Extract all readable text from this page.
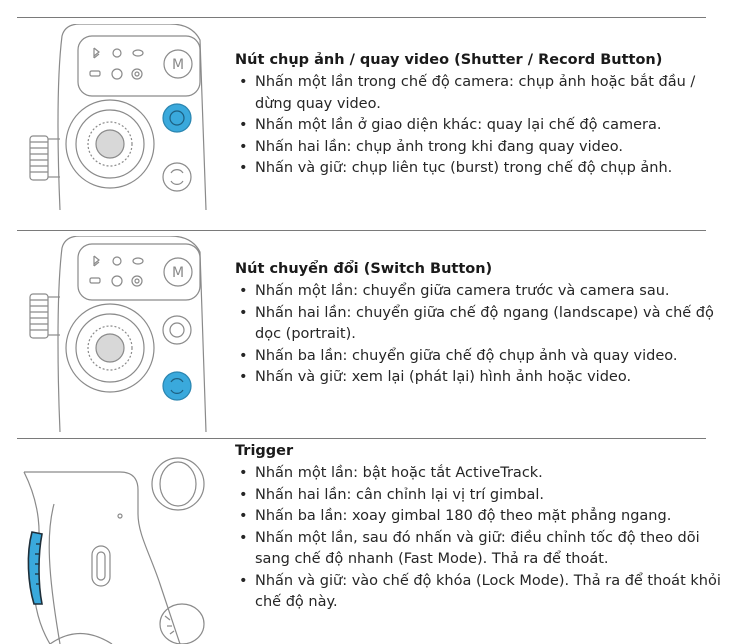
M	Nút chụp ảnh / quay video (Shutter / Record Button)

• Nhấn một lần trong chế độ camera: chụp ảnh hoặc bắt đầu / dừng quay video.
• Nhấn một lần ở giao diện khác: quay lại chế độ camera.
• Nhấn hai lần: chụp ảnh trong khi đang quay video.
• Nhấn và giữ: chụp liên tục (burst) trong chế độ chụp ảnh.
M	Nút chuyển đổi (Switch Button)

• Nhấn một lần: chuyển giữa camera trước và camera sau.
• Nhấn hai lần: chuyển giữa chế độ ngang (landscape) và chế độ dọc (portrait).
• Nhấn ba lần: chuyển giữa chế độ chụp ảnh và quay video.
• Nhấn và giữ: xem lại (phát lại) hình ảnh hoặc video.

Trigger

• Nhấn một lần: bật hoặc tắt ActiveTrack.
• Nhấn hai lần: cân chỉnh lại vị trí gimbal.
• Nhấn ba lần: xoay gimbal 180 độ theo mặt phẳng ngang.
• Nhấn một lần, sau đó nhấn và giữ: điều chỉnh tốc độ theo dõi sang chế độ nhanh (Fast Mode). Thả ra để thoát.
• Nhấn và giữ: vào chế độ khóa (Lock Mode). Thả ra để thoát khỏi chế độ này.
